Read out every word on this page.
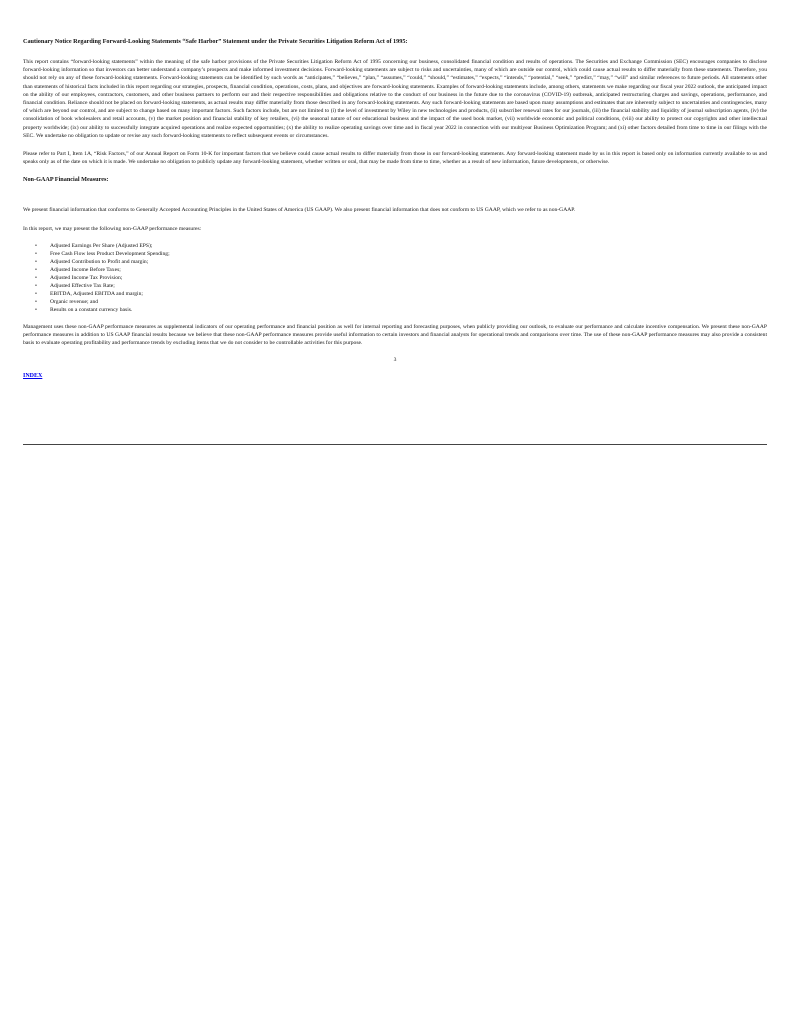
Cautionary Notice Regarding Forward-Looking Statements “Safe Harbor” Statement under the Private Securities Litigation Reform Act of 1995:
This report contains “forward-looking statements” within the meaning of the safe harbor provisions of the Private Securities Litigation Reform Act of 1995 concerning our business, consolidated financial condition and results of operations. The Securities and Exchange Commission (SEC) encourages companies to disclose forward-looking information so that investors can better understand a company’s prospects and make informed investment decisions. Forward-looking statements are subject to risks and uncertainties, many of which are outside our control, which could cause actual results to differ materially from these statements. Therefore, you should not rely on any of these forward-looking statements. Forward-looking statements can be identified by such words as “anticipates,” “believes,” “plan,” “assumes,” “could,” “should,” “estimates,” “expects,” “intends,” “potential,” “seek,” “predict,” “may,” “will” and similar references to future periods. All statements other than statements of historical facts included in this report regarding our strategies, prospects, financial condition, operations, costs, plans, and objectives are forward-looking statements. Examples of forward-looking statements include, among others, statements we make regarding our fiscal year 2022 outlook, the anticipated impact on the ability of our employees, contractors, customers, and other business partners to perform our and their respective responsibilities and obligations relative to the conduct of our business in the future due to the coronavirus (COVID-19) outbreak, anticipated restructuring charges and savings, operations, performance, and financial condition. Reliance should not be placed on forward-looking statements, as actual results may differ materially from those described in any forward-looking statements. Any such forward-looking statements are based upon many assumptions and estimates that are inherently subject to uncertainties and contingencies, many of which are beyond our control, and are subject to change based on many important factors. Such factors include, but are not limited to (i) the level of investment by Wiley in new technologies and products, (ii) subscriber renewal rates for our journals, (iii) the financial stability and liquidity of journal subscription agents, (iv) the consolidation of book wholesalers and retail accounts, (v) the market position and financial stability of key retailers, (vi) the seasonal nature of our educational business and the impact of the used book market, (vii) worldwide economic and political conditions, (viii) our ability to protect our copyrights and other intellectual property worldwide; (ix) our ability to successfully integrate acquired operations and realize expected opportunities; (x) the ability to realize operating savings over time and in fiscal year 2022 in connection with our multiyear Business Optimization Program; and (xi) other factors detailed from time to time in our filings with the SEC. We undertake no obligation to update or revise any such forward-looking statements to reflect subsequent events or circumstances.
Please refer to Part I, Item 1A, “Risk Factors,” of our Annual Report on Form 10-K for important factors that we believe could cause actual results to differ materially from those in our forward-looking statements. Any forward-looking statement made by us in this report is based only on information currently available to us and speaks only as of the date on which it is made. We undertake no obligation to publicly update any forward-looking statement, whether written or oral, that may be made from time to time, whether as a result of new information, future developments, or otherwise.
Non-GAAP Financial Measures:
We present financial information that conforms to Generally Accepted Accounting Principles in the United States of America (US GAAP). We also present financial information that does not conform to US GAAP, which we refer to as non-GAAP.
In this report, we may present the following non-GAAP performance measures:
• Adjusted Earnings Per Share (Adjusted EPS);
• Free Cash Flow less Product Development Spending;
• Adjusted Contribution to Profit and margin;
• Adjusted Income Before Taxes;
• Adjusted Income Tax Provision;
• Adjusted Effective Tax Rate;
• EBITDA, Adjusted EBITDA and margin;
• Organic revenue; and
• Results on a constant currency basis.
Management uses these non-GAAP performance measures as supplemental indicators of our operating performance and financial position as well for internal reporting and forecasting purposes, when publicly providing our outlook, to evaluate our performance and calculate incentive compensation. We present these non-GAAP performance measures in addition to US GAAP financial results because we believe that these non-GAAP performance measures provide useful information to certain investors and financial analysts for operational trends and comparisons over time. The use of these non-GAAP performance measures may also provide a consistent basis to evaluate operating profitability and performance trends by excluding items that we do not consider to be controllable activities for this purpose.
3
INDEX
